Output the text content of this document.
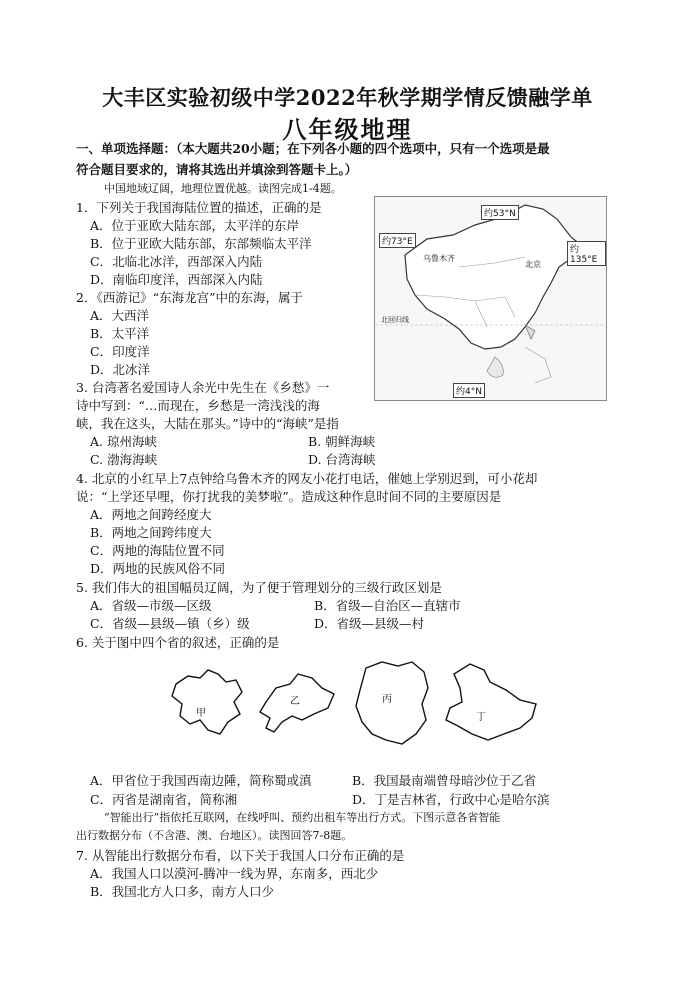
大丰区实验初级中学2022年秋学期学情反馈融学单
八年级地理
一、单项选择题：（本大题共20小题；在下列各小题的四个选项中，只有一个选项是最
符合题目要求的，请将其选出并填涂到答题卡上。）
中国地域辽阔，地理位置优越。读图完成1-4题。
约53°N
约73°E
约135°E
约4°N
乌鲁木齐
北京
北回归线
1．下列关于我国海陆位置的描述，正确的是
A．位于亚欧大陆东部，太平洋的东岸
B．位于亚欧大陆东部，东部频临太平洋
C．北临北冰洋，西部深入内陆
D．南临印度洋，西部深入内陆
2．《西游记》“东海龙宫”中的东海，属于
A．大西洋
B．太平洋
C．印度洋
D．北冰洋
3. 台湾著名爱国诗人余光中先生在《乡愁》一
诗中写到：“…而现在，乡愁是一湾浅浅的海
峡，我在这头，大陆在那头。”诗中的“海峡”是指
A. 琼州海峡	B. 朝鲜海峡
C. 渤海海峡	D. 台湾海峡
4. 北京的小红早上7点钟给乌鲁木齐的网友小花打电话，催她上学别迟到，可小花却
说：“上学还早哩，你打扰我的美梦啦”。造成这种作息时间不同的主要原因是
A．两地之间跨经度大
B．两地之间跨纬度大
C．两地的海陆位置不同
D．两地的民族风俗不同
5. 我们伟大的祖国幅员辽阔，为了便于管理划分的三级行政区划是
A．省级—市级—区级	B．省级—自治区—直辖市
C．省级—县级—镇（乡）级	D．省级—县级—村
6. 关于图中四个省的叙述，正确的是
甲
乙	丙
丁
A．甲省位于我国西南边陲，简称蜀或滇	B．我国最南端曾母暗沙位于乙省
C．丙省是湖南省，简称湘	D．丁是吉林省，行政中心是哈尔滨
“智能出行”指依托互联网，在线呼叫、预约出租车等出行方式。下图示意各省智能
出行数据分布（不含港、澳、台地区）。读图回答7-8题。
7. 从智能出行数据分布看，以下关于我国人口分布正确的是
A．我国人口以漠河-腾冲一线为界，东南多，西北少
B．我国北方人口多，南方人口少
